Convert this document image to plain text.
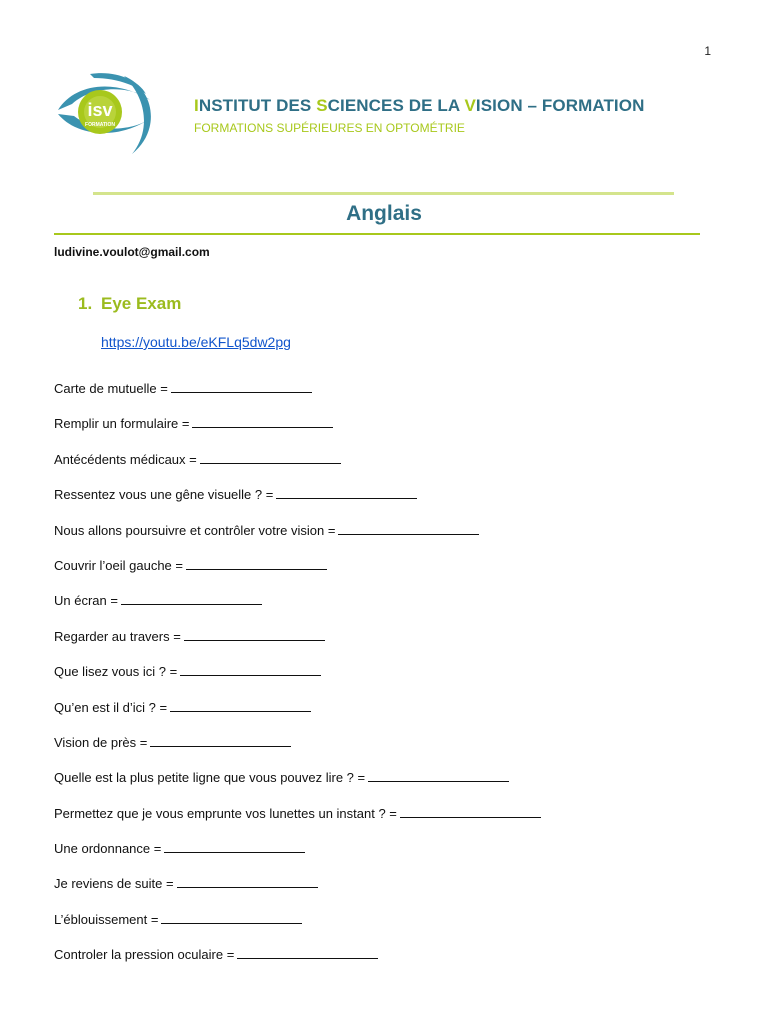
1
isv
FORMATION
INSTITUT DES SCIENCES DE LA VISION – FORMATION
FORMATIONS SUPÉRIEURES EN OPTOMÉTRIE
Anglais
ludivine.voulot@gmail.com
1. Eye Exam
https://youtu.be/eKFLq5dw2pg
Carte de mutuelle =
Remplir un formulaire =
Antécédents médicaux =
Ressentez vous une gêne visuelle ? =
Nous allons poursuivre et contrôler votre vision =
Couvrir l’oeil gauche =
Un écran =
Regarder au travers =
Que lisez vous ici ? =
Qu’en est il d’ici ? =
Vision de près =
Quelle est la plus petite ligne que vous pouvez lire ? =
Permettez que je vous emprunte vos lunettes un instant ? =
Une ordonnance =
Je reviens de suite =
L’éblouissement =
Controler la pression oculaire =
